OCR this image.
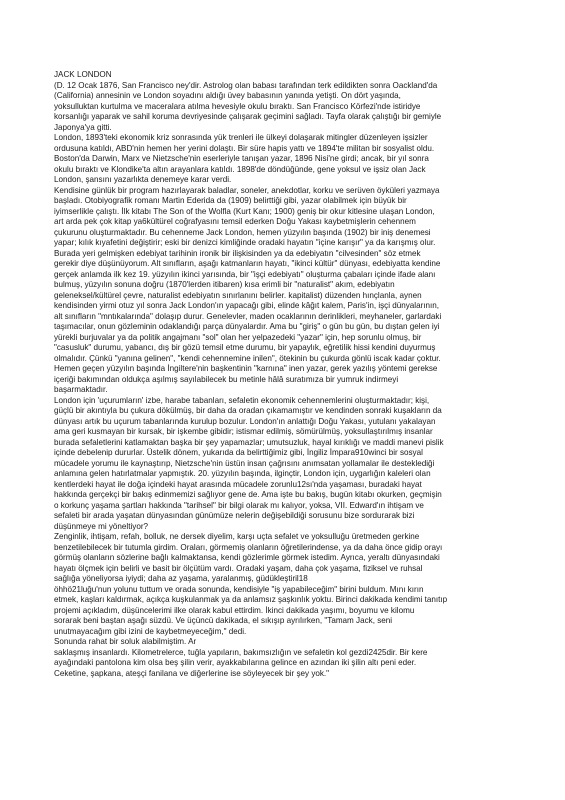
JACK LONDON
(D. 12 Ocak 1876, San Francisco ney'dir. Astrolog olan babası tarafından terk edildikten sonra Oackland'da
(California) annesinin ve London soyadını aldığı üvey babasının yanında yetişti. On dört yaşında,
yoksulluktan kurtulma ve maceralara atılma hevesiyle okulu bıraktı. San Francisco Körfezi'nde istiridye
korsanlığı yaparak ve sahil koruma devriyesinde çalışarak geçimini sağladı. Tayfa olarak çalıştığı bir gemiyle
Japonya'ya gitti.
London, 1893'teki ekonomik kriz sonrasında yük trenleri ile ülkeyi dolaşarak mitingler düzenleyen işsizler
ordusuna katıldı, ABD'nin hemen her yerini dolaştı. Bir süre hapis yattı ve 1894'te militan bir sosyalist oldu.
Boston'da Darwin, Marx ve Nietzsche'nin eserleriyle tanışan yazar, 1896 Nisi'ne girdi; ancak, bir yıl sonra
okulu bıraktı ve Klondike'ta altın arayanlara katıldı. 1898'de döndüğünde, gene yoksul ve işsiz olan Jack
London, şansını yazarlıkta denemeye karar verdi.
Kendisine günlük bir program hazırlayarak baladlar, soneler, anekdotlar, korku ve serüven öyküleri yazmaya
başladı. Otobiyografik romanı Martin Ederida da (1909) belirttiği gibi, yazar olabilmek için büyük bir
iyimserlikle çalıştı. İlk kitabı The Son of the Wolfla (Kurt Kanı; 1900) geniş bir okur kitlesine ulaşan London,
art arda pek çok kitap ya6kültürel coğrafyasını temsil ederken Doğu Yakası kaybetmişlerin cehennem
çukurunu oluşturmaktadır. Bu cehenneme Jack London, hemen yüzyılın başında (1902) bir iniş denemesi
yapar; kılık kıyafetini değiştirir; eski bir denizci kimliğinde oradaki hayatın "içine karışır" ya da karışmış olur.
Burada yeri gelmişken edebiyat tarihinin ironik bir ilişkisinden ya da edebiyatın "cilvesinden" söz etmek
gerekir diye düşünüyorum. Alt sınıfların, aşağı katmanların hayatı, "ikinci kültür" dünyası, edebiyatta kendine
gerçek anlamda ilk kez 19. yüzyılın ikinci yarısında, bir "işçi edebiyatı" oluşturma çabaları içinde ifade alanı
bulmuş, yüzyılın sonuna doğru (1870'lerden itibaren) kısa erimli bir "naturalist" akım, edebiyatın
geleneksel/kültürel çevre, naturalist edebiyatın sınırlanını belirler. kapitalist) düzenden hınçlanla, aynen
kendisinden yirmi otuz yıl sonra Jack London'ın yapacağı gibi, elinde kâğıt kalem, Paris'in, işçi dünyalarının,
alt sınıfların "mntıkalarında" dolaşıp durur. Genelevler, maden ocaklarının derinlikleri, meyhaneler, garlardaki
taşımacılar, onun gözleminin odaklandığı parça dünyalardır. Ama bu "giriş" o gün bu gün, bu dıştan gelen iyi
yürekli burjuvalar ya da politik angajmanı "sol" olan her yelpazedeki "yazar" için, hep sorunlu olmuş, bir
"casusluk" durumu, yabancı, dış bir gözü temsil etme durumu, bir yapaylık, eğretilik hissi kendini duyurmuş
olmalıdır. Çünkü "yanına gelinen", "kendi cehennemine inilen", ötekinin bu çukurda gönlü iscak kadar çoktur.
Hemen geçen yüzyılın başında İngiltere'nin başkentinin "karnına" inen yazar, gerek yazılış yöntemi gerekse
içeriği bakımından oldukça aşılmış sayılabilecek bu metinle hâlâ suratımıza bir yumruk indirmeyi
başarmaktadır.
London için 'uçurumların' izbe, harabe tabanları, sefaletin ekonomik cehennemlerini oluşturmaktadır; kişi,
güçlü bir akıntıyla bu çukura dökülmüş, bir daha da oradan çıkamamıştır ve kendinden sonraki kuşakların da
dünyası artık bu uçurum tabanlarında kurulup bozulur. London'ın anlattığı Doğu Yakası, yutulanı yakalayan
ama geri kusmayan bir kursak, bir işkembe gibidir; istismar edilmiş, sömürülmüş, yoksullaştırılmış insanlar
burada sefaletlerini katlamaktan başka bir şey yapamazlar; umutsuzluk, hayal kırıklığı ve maddi manevi pislik
içinde debelenip dururlar. Üstelik dönem, yukarıda da belirttiğimiz gibi, İngiliz İmpara910winci bir sosyal
mücadele yorumu ile kaynaştırıp, Nietzsche'nin üstün insan çağrısını anımsatan yollamalar ile desteklediği
anlamına gelen hatırlatmalar yapmıştık. 20. yüzyılın başında, ilginçtir, London için, uygarlığın kaleleri olan
kentlerdeki hayat ile doğa içindeki hayat arasında mücadele zorunlu12sı'nda yaşaması, buradaki hayat
hakkında gerçekçi bir bakış edinmemizi sağlıyor gene de. Ama işte bu bakış, bugün kitabı okurken, geçmişin
o korkunç yaşama şartları hakkında "tarihsel" bir bilgi olarak mı kalıyor, yoksa, VII. Edward'ın ihtişam ve
sefaleti bir arada yaşatan dünyasından günümüze nelerin değişebildiği sorusunu bize sordurarak bizi
düşünmeye mi yöneltiyor?
Zenginlik, ihtişam, refah, bolluk, ne dersek diyelim, karşı uçta sefalet ve yoksulluğu üretmeden gerkine
benzetilebilecek bir tutumla girdim. Oraları, görmemiş olanların öğretilerindense, ya da daha önce gidip orayı
görmüş olanların sözlerine bağlı kalmaktansa, kendi gözlerimle görmek istedim. Ayrıca, yeraltı dünyasındaki
hayatı ölçmek için belirli ve basit bir ölçütüm vardı. Oradaki yaşam, daha çok yaşama, fiziksel ve ruhsal
sağlığa yöneliyorsa iyiydi; daha az yaşama, yaralanmış, güdükleştiril18
öhhö21luğu'nun yolunu tuttum ve orada sonunda, kendisiyle "iş yapabileceğim" birini buldum. Mını kırın
etmek, kaşları kaldırmak, açıkça kuşkulanmak ya da anlamsız şaşkınlık yoktu. Birinci dakikada kendimi tanıtıp
projemi açıkladım, düşüncelerimi ilke olarak kabul ettirdim. İkinci dakikada yaşımı, boyumu ve kilomu
sorarak beni baştan aşağı süzdü. Ve üçüncü dakikada, el sıkışıp ayrılırken, "Tamam Jack, seni
unutmayacağım gibi izini de kaybetmeyeceğim," dedi.
Sonunda rahat bir soluk alabilmiştim. Ar
saklaşmış insanlardı. Kilometrelerce, tuğla yapıların, bakımsızlığın ve sefaletin kol gezdi2425dir. Bir kere
ayağındaki pantolona kim olsa beş şilin verir, ayakkabılarına gelince en azından iki şilin altı peni eder.
Ceketine, şapkana, ateşçi fanilana ve diğerlerine ise söyleyecek bir şey yok."
